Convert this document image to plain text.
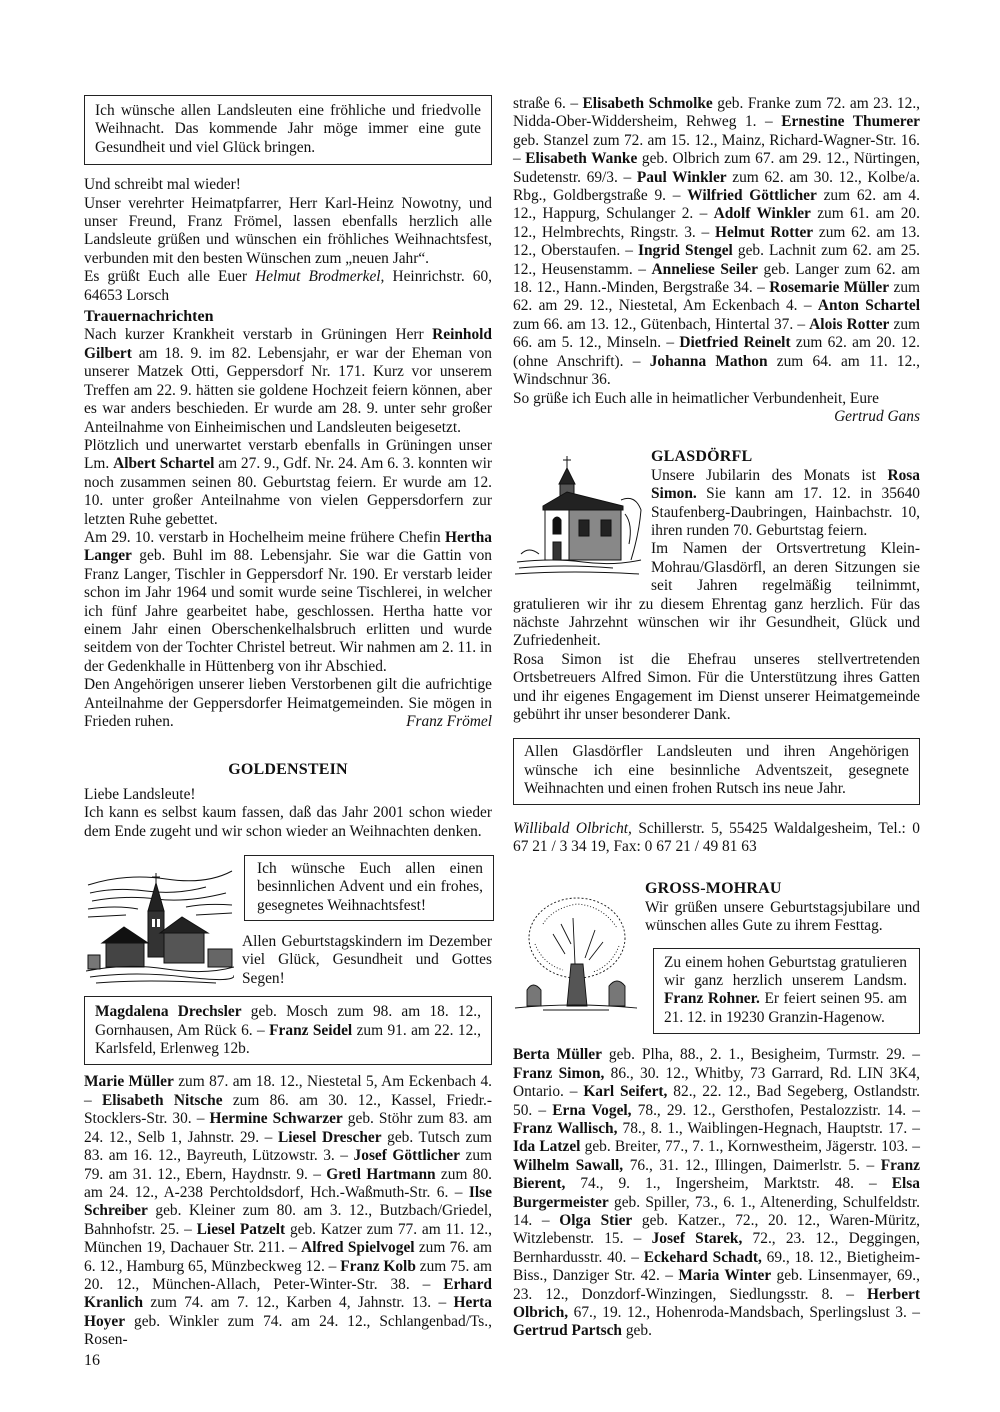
Ich wünsche allen Landsleuten eine fröhliche und friedvolle Weihnacht. Das kommende Jahr möge immer eine gute Gesundheit und viel Glück bringen.

Und schreibt mal wieder!

Unser verehrter Heimatpfarrer, Herr Karl-Heinz Nowotny, und unser Freund, Franz Frömel, lassen ebenfalls herzlich alle Landsleute grüßen und wünschen ein fröhliches Weihnachtsfest, verbunden mit den besten Wünschen zum „neuen Jahr“.

Es grüßt Euch alle Euer Helmut Brodmerkel, Heinrichstr. 60, 64653 Lorsch

Trauernachrichten

Nach kurzer Krankheit verstarb in Grüningen Herr Reinhold Gilbert am 18. 9. im 82. Lebensjahr, er war der Eheman von unserer Matzek Otti, Geppersdorf Nr. 171. Kurz vor unserem Treffen am 22. 9. hätten sie goldene Hochzeit feiern können, aber es war anders beschieden. Er wurde am 28. 9. unter sehr großer Anteilnahme von Einheimischen und Landsleuten beigesetzt.

Plötzlich und unerwartet verstarb ebenfalls in Grüningen unser Lm. Albert Schartel am 27. 9., Gdf. Nr. 24. Am 6. 3. konnten wir noch zusammen seinen 80. Geburtstag feiern. Er wurde am 12. 10. unter großer Anteilnahme von vielen Geppersdorfern zur letzten Ruhe gebettet.

Am 29. 10. verstarb in Hochelheim meine frühere Chefin Hertha Langer geb. Buhl im 88. Lebensjahr. Sie war die Gattin von Franz Langer, Tischler in Geppersdorf Nr. 190. Er verstarb leider schon im Jahr 1964 und somit wurde seine Tischlerei, in welcher ich fünf Jahre gearbeitet habe, geschlossen. Hertha hatte vor einem Jahr einen Oberschenkelhalsbruch erlitten und wurde seitdem von der Tochter Christel betreut. Wir nahmen am 2. 11. in der Gedenkhalle in Hüttenberg von ihr Abschied.

Den Angehörigen unserer lieben Verstorbenen gilt die aufrichtige Anteilnahme der Geppersdorfer Heimatgemeinden. Sie mögen in Frieden ruhen.	Franz Frömel

GOLDENSTEIN

Liebe Landsleute!

Ich kann es selbst kaum fassen, daß das Jahr 2001 schon wieder dem Ende zugeht und wir schon wieder an Weihnachten denken.

Ich wünsche Euch allen einen besinnlichen Advent und ein frohes, gesegnetes Weihnachtsfest!

Allen Geburtstagskindern im Dezember viel Glück, Gesundheit und Gottes Segen!

Magdalena Drechsler geb. Mosch zum 98. am 18. 12., Gornhausen, Am Rück 6. – Franz Seidel zum 91. am 22. 12., Karlsfeld, Erlenweg 12b.

Marie Müller zum 87. am 18. 12., Niestetal 5, Am Eckenbach 4. – Elisabeth Nitsche zum 86. am 30. 12., Kassel, Friedr.-Stocklers-Str. 30. – Hermine Schwarzer geb. Stöhr zum 83. am 24. 12., Selb 1, Jahnstr. 29. – Liesel Drescher geb. Tutsch zum 83. am 16. 12., Bayreuth, Lützowstr. 3. – Josef Göttlicher zum 79. am 31. 12., Ebern, Haydnstr. 9. – Gretl Hartmann zum 80. am 24. 12., A-238 Perchtoldsdorf, Hch.-Waßmuth-Str. 6. – Ilse Schreiber geb. Kleiner zum 80. am 3. 12., Butzbach/Griedel, Bahnhofstr. 25. – Liesel Patzelt geb. Katzer zum 77. am 11. 12., München 19, Dachauer Str. 211. – Alfred Spielvogel zum 76. am 6. 12., Hamburg 65, Münzbeckweg 12. – Franz Kolb zum 75. am 20. 12., München-Allach, Peter-Winter-Str. 38. – Erhard Kranlich zum 74. am 7. 12., Karben 4, Jahnstr. 13. – Herta Hoyer geb. Winkler zum 74. am 24. 12., Schlangenbad/Ts., Rosen-

straße 6. – Elisabeth Schmolke geb. Franke zum 72. am 23. 12., Nidda-Ober-Widdersheim, Rehweg 1. – Ernestine Thumerer geb. Stanzel zum 72. am 15. 12., Mainz, Richard-Wagner-Str. 16. – Elisabeth Wanke geb. Olbrich zum 67. am 29. 12., Nürtingen, Sudetenstr. 69/3. – Paul Winkler zum 62. am 30. 12., Kolbe/a. Rbg., Goldbergstraße 9. – Wilfried Göttlicher zum 62. am 4. 12., Happurg, Schulanger 2. – Adolf Winkler zum 61. am 20. 12., Helmbrechts, Ringstr. 3. – Helmut Rotter zum 62. am 13. 12., Oberstaufen. – Ingrid Stengel geb. Lachnit zum 62. am 25. 12., Heusenstamm. – Anneliese Seiler geb. Langer zum 62. am 18. 12., Hann.-Minden, Bergstraße 34. – Rosemarie Müller zum 62. am 29. 12., Niestetal, Am Eckenbach 4. – Anton Schartel zum 66. am 13. 12., Gütenbach, Hintertal 37. – Alois Rotter zum 66. am 5. 12., Minseln. – Dietfried Reinelt zum 62. am 20. 12. (ohne Anschrift). – Johanna Mathon zum 64. am 11. 12., Windschnur 36.

So grüße ich Euch alle in heimatlicher Verbundenheit, Eure

Gertrud Gans

GLASDÖRFL

Unsere Jubilarin des Monats ist Rosa Simon. Sie kann am 17. 12. in 35640 Staufenberg-Daubringen, Hainbachstr. 10, ihren runden 70. Geburtstag feiern.

Im Namen der Ortsvertretung Klein-Mohrau/Glasdörfl, an deren Sitzungen sie seit Jahren regelmäßig teilnimmt, gratulieren wir ihr zu diesem Ehrentag ganz herzlich. Für das nächste Jahrzehnt wünschen wir ihr Gesundheit, Glück und Zufriedenheit.

Rosa Simon ist die Ehefrau unseres stellvertretenden Ortsbetreuers Alfred Simon. Für die Unterstützung ihres Gatten und ihr eigenes Engagement im Dienst unserer Heimatgemeinde gebührt ihr unser besonderer Dank.

Allen Glasdörfler Landsleuten und ihren Angehörigen wünsche ich eine besinnliche Adventszeit, gesegnete Weihnachten und einen frohen Rutsch ins neue Jahr.

Willibald Olbricht, Schillerstr. 5, 55425 Waldalgesheim, Tel.: 0 67 21 / 3 34 19, Fax: 0 67 21 / 49 81 63

GROSS-MOHRAU

Wir grüßen unsere Geburtstagsjubilare und wünschen alles Gute zu ihrem Festtag.

Zu einem hohen Geburtstag gratulieren wir ganz herzlich unserem Landsm. Franz Rohner. Er feiert seinen 95. am 21. 12. in 19230 Granzin-Hagenow.

Berta Müller geb. Plha, 88., 2. 1., Besigheim, Turmstr. 29. – Franz Simon, 86., 30. 12., Whitby, 73 Garrard, Rd. LIN 3K4, Ontario. – Karl Seifert, 82., 22. 12., Bad Segeberg, Ostlandstr. 50. – Erna Vogel, 78., 29. 12., Gersthofen, Pestalozzistr. 14. – Franz Wallisch, 78., 8. 1., Waiblingen-Hegnach, Hauptstr. 17. – Ida Latzel geb. Breiter, 77., 7. 1., Kornwestheim, Jägerstr. 103. – Wilhelm Sawall, 76., 31. 12., Illingen, Daimerlstr. 5. – Franz Bierent, 74., 9. 1., Ingersheim, Marktstr. 48. – Elsa Burgermeister geb. Spiller, 73., 6. 1., Altenerding, Schulfeldstr. 14. – Olga Stier geb. Katzer., 72., 20. 12., Waren-Müritz, Witzlebenstr. 15. – Josef Starek, 72., 23. 12., Deggingen, Bernhardusstr. 40. – Eckehard Schadt, 69., 18. 12., Bietigheim-Biss., Danziger Str. 42. – Maria Winter geb. Linsenmayer, 69., 23. 12., Donzdorf-Winzingen, Siedlungsstr. 8. – Herbert Olbrich, 67., 19. 12., Hohenroda-Mandsbach, Sperlingslust 3. – Gertrud Partsch geb.

16
